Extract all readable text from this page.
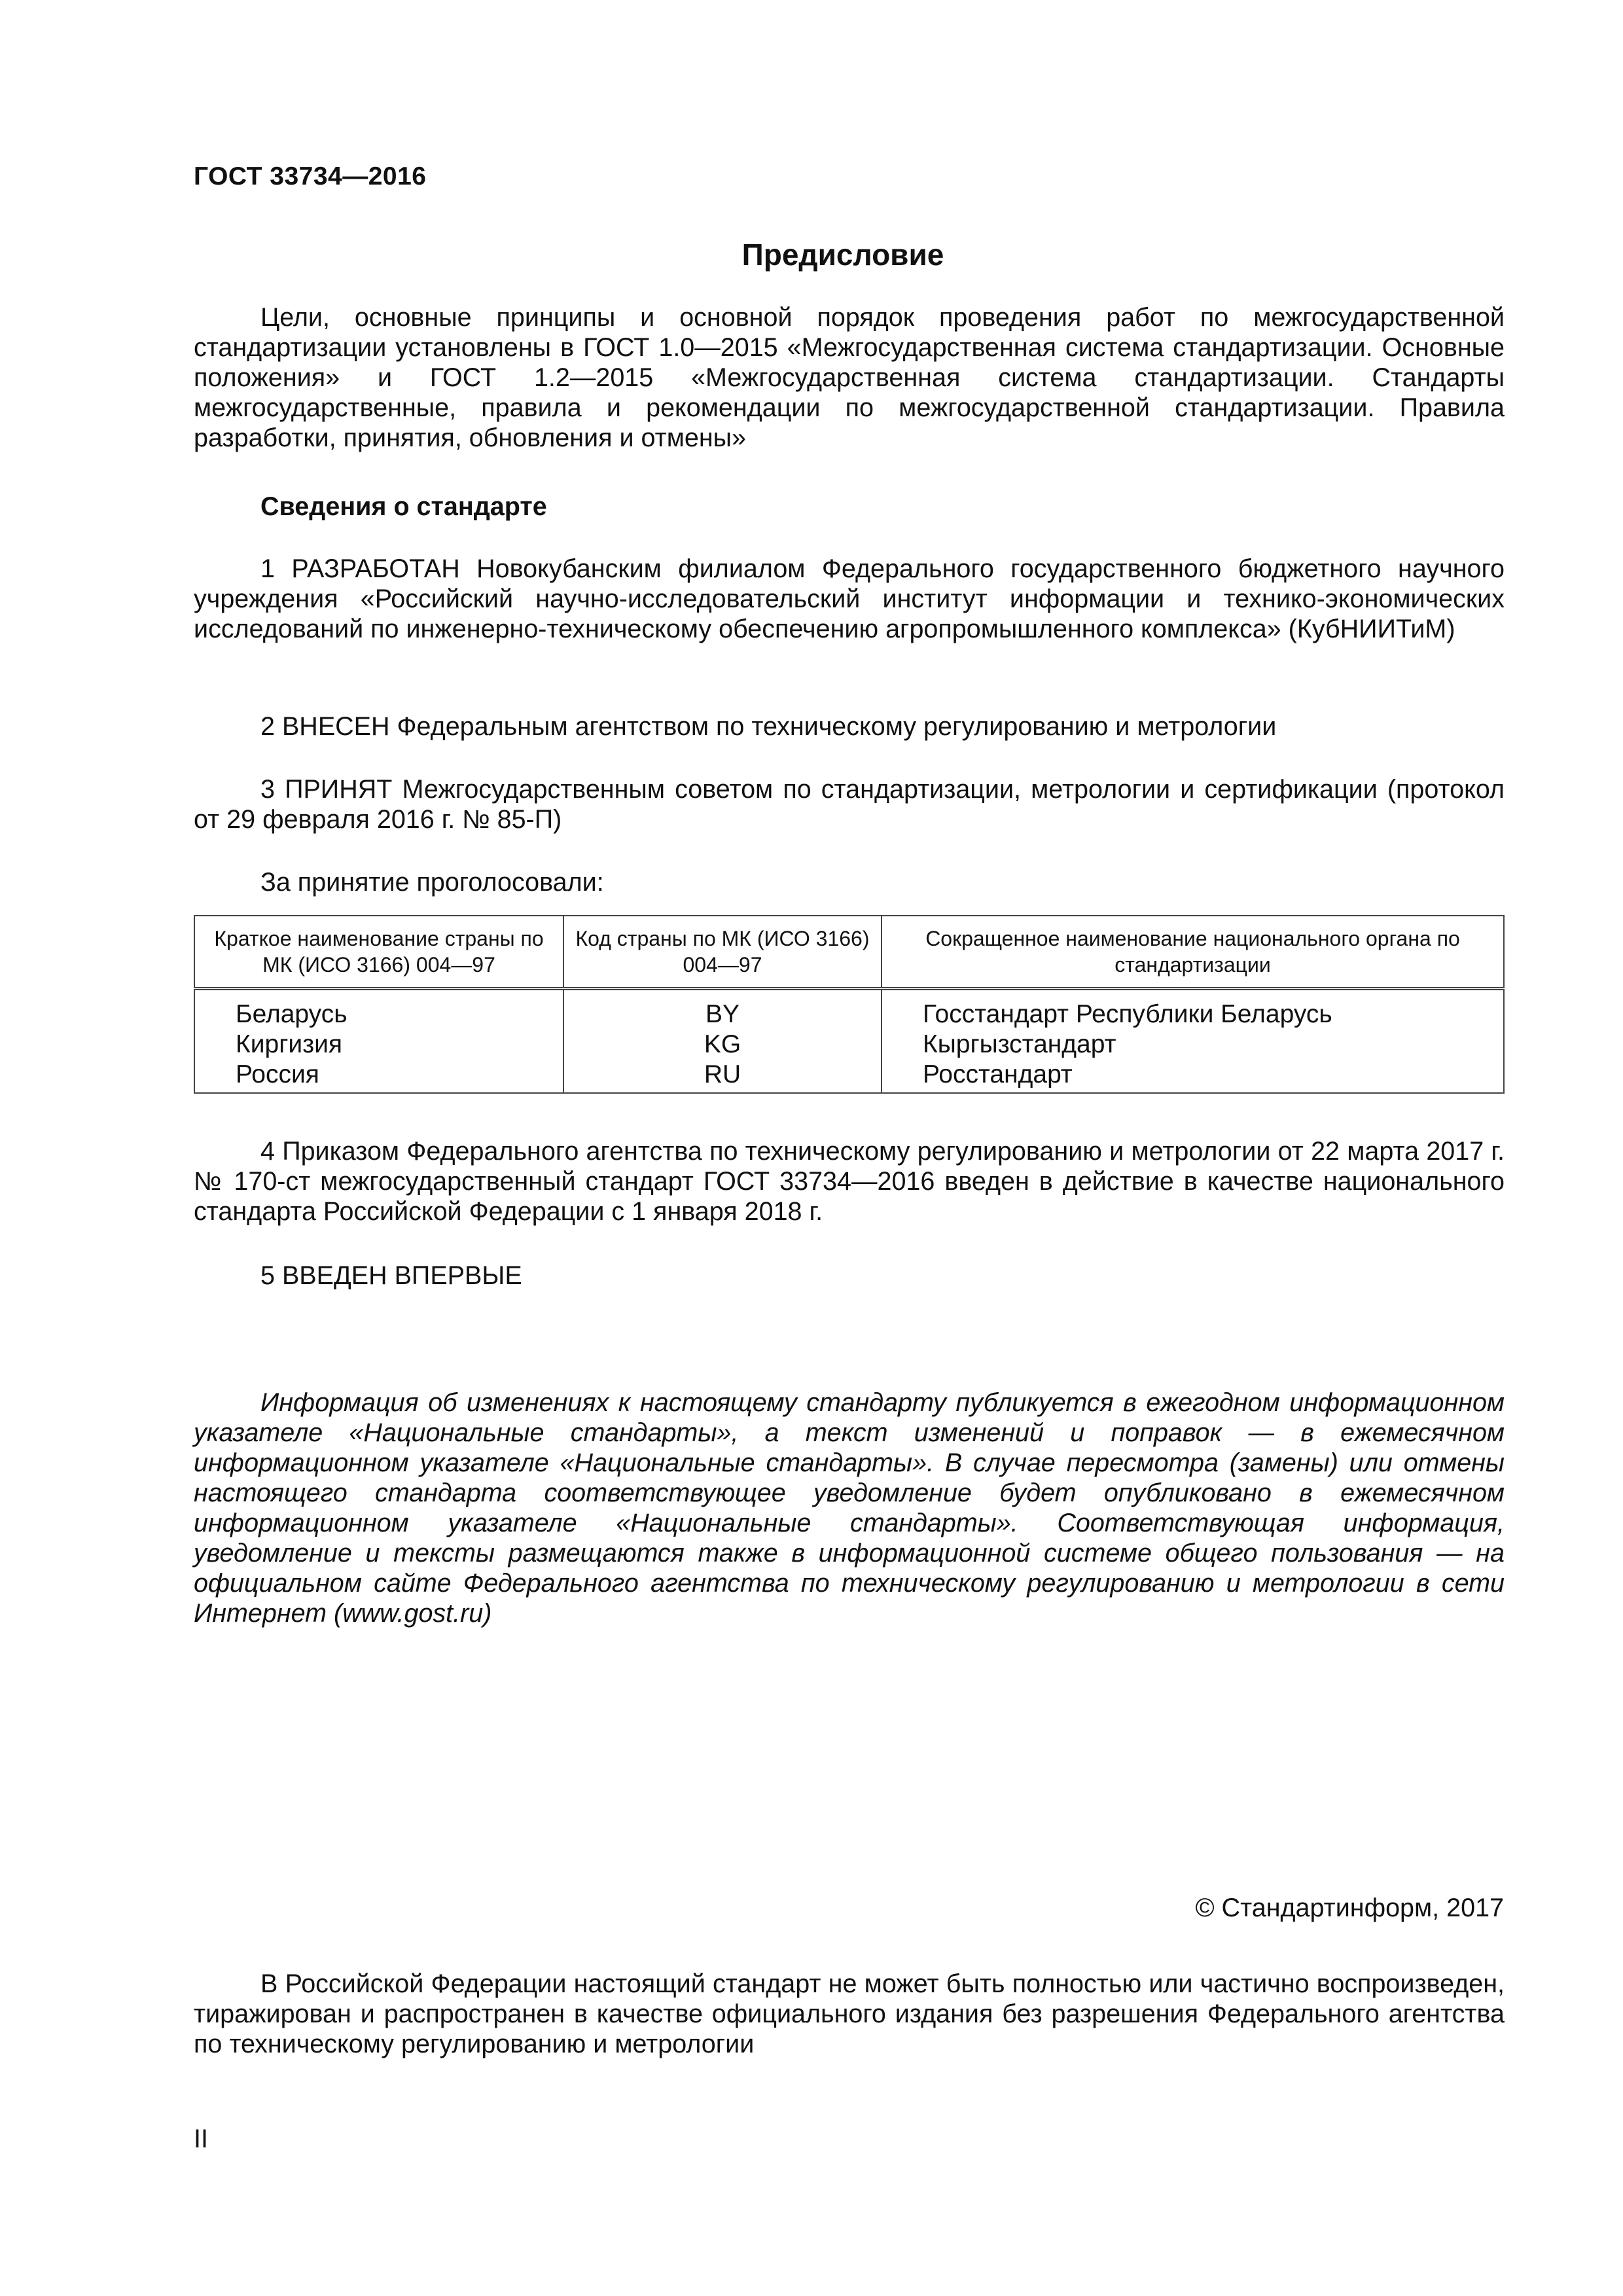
ГОСТ 33734—2016
Предисловие
Цели, основные принципы и основной порядок проведения работ по межгосударственной стандартизации установлены в ГОСТ 1.0—2015 «Межгосударственная система стандартизации. Основные положения» и ГОСТ 1.2—2015 «Межгосударственная система стандартизации. Стандарты межгосударственные, правила и рекомендации по межгосударственной стандартизации. Правила разработки, принятия, обновления и отмены»
Сведения о стандарте
1 РАЗРАБОТАН Новокубанским филиалом Федерального государственного бюджетного научного учреждения «Российский научно-исследовательский институт информации и технико-экономических исследований по инженерно-техническому обеспечению агропромышленного комплекса» (КубНИИТиМ)
2 ВНЕСЕН Федеральным агентством по техническому регулированию и метрологии
3 ПРИНЯТ Межгосударственным советом по стандартизации, метрологии и сертификации (протокол от 29 февраля 2016 г. № 85-П)
За принятие проголосовали:
Краткое наименование страны по МК (ИСО 3166) 004—97	Код страны по МК (ИСО 3166) 004—97	Сокращенное наименование национального органа по стандартизации
Беларусь	BY	Госстандарт Республики Беларусь
Киргизия	KG	Кыргызстандарт
Россия	RU	Росстандарт
4 Приказом Федерального агентства по техническому регулированию и метрологии от 22 марта 2017 г. № 170-ст межгосударственный стандарт ГОСТ 33734—2016 введен в действие в качестве национального стандарта Российской Федерации с 1 января 2018 г.
5 ВВЕДЕН ВПЕРВЫЕ
Информация об изменениях к настоящему стандарту публикуется в ежегодном информационном указателе «Национальные стандарты», а текст изменений и поправок — в ежемесячном информационном указателе «Национальные стандарты». В случае пересмотра (замены) или отмены настоящего стандарта соответствующее уведомление будет опубликовано в ежемесячном информационном указателе «Национальные стандарты». Соответствующая информация, уведомление и тексты размещаются также в информационной системе общего пользования — на официальном сайте Федерального агентства по техническому регулированию и метрологии в сети Интернет (www.gost.ru)
© Стандартинформ, 2017
В Российской Федерации настоящий стандарт не может быть полностью или частично воспроизведен, тиражирован и распространен в качестве официального издания без разрешения Федерального агентства по техническому регулированию и метрологии
II
